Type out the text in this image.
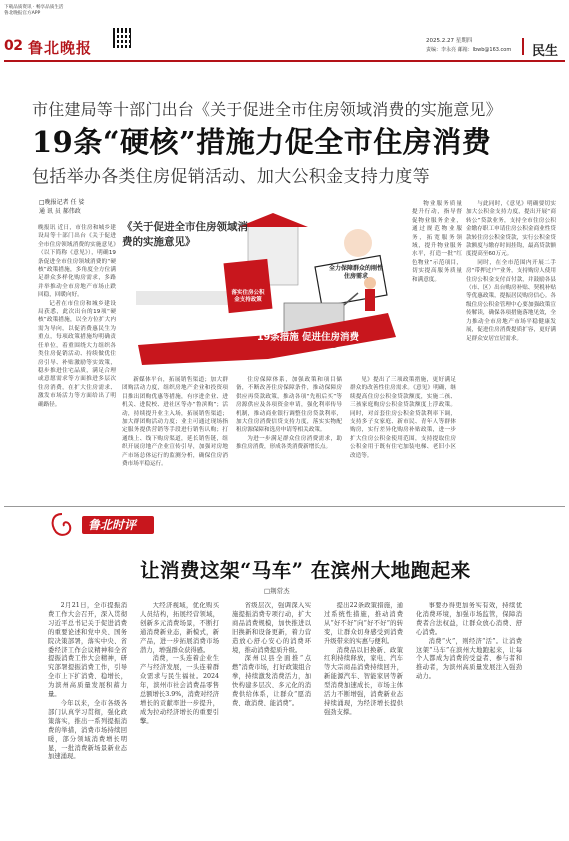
下载品质资讯 · 畅享品质生活
鲁北晚报官方APP
02 鲁北晚报	2025.2.27 星期四
责编：李永亮 邮箱：lbwb@163.com 民生
市住建局等十部门出台《关于促进全市住房领域消费的实施意见》
19条“硬核”措施力促全市住房消费
包括举办各类住房促销活动、加大公积金支持力度等
□晚报记者 任 娑
通 讯 员 郝伟政

晚报讯 近日，市住房和城乡建设局等十部门出台《关于促进全市住房领域消费的实施意见》（以下简称《意见》），明确19条促进全市住房领域消费的“硬核”政策措施，多角度全方位满足群众多样化购房需求，多路并举推动全市房地产市场止跌回稳，回暖向好。

记者在市住房和城乡建设局获悉，此次出台的19项“硬核”政策措施，以全方位扩大内需为导向，以促消费惠民生为重点，每项政策措施均明确责任单位，着重围绕大力组织各类住房促销活动、持续做优住房引导、补贴激励等实效策，稳步推进住宅品质，满足合理或意愿需求等方面推进多层次住房消费，在扩大住房需求、激发市场活力等方面给出了明确路径。

《关于促进全市住房领域消费的实施意见》
落实住房公积金支持政策
全力保障群众的刚性住房需求
19条措施 促进住房消费

物业服务质量提升行动，指导督促物业服务企业，通过规范物业服务，拓宽服务领域，提升物业服务水平，打造一批“红色物业”示范项目，切实提高服务质量和满意度。

与此同时，《意见》明确要切实加大公积金支持力度，提出开展“商转公”贷款业务，支持全市住房公积金缴存职工申请住房公积金商业性贷款转住房公积金贷款，实行公积金贷款额度与缴存时间挂钩，最高贷款额度提高至60万元。

同时，在全市范围内开展二手房“带押过户”业务，支持购房人使用住房公积金支付首付款，并鼓励各县（市、区）出台购房补贴、契税补贴等优惠政策，提振居民购房信心。各级住房公积金管理中心要加强政策宣传解读，确保各项措施落地见效，全力推动全市房地产市场平稳健康发展，促进住房消费提质扩容，更好满足群众安居宜居需求。

新媒体平台，拓展销售渠道；加大群团购活动力度，组织房地产企业和投资项目推出团购优惠等措施，有序进企业、进机关、进院校、进社区等办“鲁滨购”；活动，持续提升业主入场，拓展销售渠道；加大群团购活动力度；业主可通过现场指定服务提供营销等手段进行销售认购；打通线上、线下购房渠道，延长销售链，组织开展房地产企业宣传引导，加强对房地产市场总体运行的监测分析，确保住房消费市场平稳运行。

住房保障体系，加强政策和项目储备，不断改善住房保障条件，推动保障房供应再贷款政策，推动各项“先租后买”等房源供应及各项资金申请，强化利率传导机制，推动商业银行调整住房贷款利率，加大住房消费信贷支持力度，落实实物配租房源保障和选房申请等相关政策。

为进一步满足群众住房消费需求，助推住房消费，形成各类消费新增长点。

见》提出了三项政策措施，更好满足群众的改善性住房需求。《意见》明确，继续提高住房公积金贷款额度，实施二孩、三孩家庭购房公积金贷款额度上浮政策。同时，对首套住房公积金贷款利率下调，支持多子女家庭、新市民、青年人等群体购房，实行差异化购房补贴政策，进一步扩大住房公积金使用范围，支持提取住房公积金用于既有住宅加装电梯、老旧小区改造等。

鲁北时评
让消费这架“马车” 在滨州大地跑起来
□荆常杰

2月21日，全市提振消费工作大会召开，深入贯彻习近平总书记关于促进消费的重要论述和党中央、国务院决策部署，落实中央、省委经济工作会议精神和全省提振消费工作大会精神，研究部署提振消费工作，引导全市上下扩消费、稳增长，为滨州高质量发展积蓄力量。

今年以来，全市各级各部门认真学习贯彻，强化政策落实，推出一系列提振消费的举措，消费市场持续回暖，部分领域消费增长明显，一批消费新场景新业态加速涌现。

大经济视域，优化购买人员结构，拓展经营领域，创新多元消费场景，不断打通消费新业态，新模式，新产品，进一步拓展消费市场潜力，增强群众获得感。

消费，一头连着企业生产与经济发展，一头连着群众需求与民生福祉。2024年，滨州市社会消费品零售总额增长3.9%，消费对经济增长的贡献率进一步提升，成为拉动经济增长的重要引擎。

省级层次，强调深入实施提振消费专项行动，扩大商品消费规模，加快推进以旧换新和设备更新，着力营造放心舒心安心的消费环境，推动消费提质升级。

深州以县全面推“点燃”消费市场，打好政策组合拳，持续激发消费活力，加快构建多层次、多元化的消费供给体系，让群众“愿消费、敢消费、能消费”。

提出22条政策措施，通过系统性措施，推动消费从“好不好”向“好不好”的转变，让群众切身感受到消费升级带来的实惠与便利。

消费品以旧换新、政策红利持续释放，家电、汽车等大宗商品消费持续回升，新能源汽车、智能家居等新型消费加速成长，市场主体活力不断增强，消费新业态持续涌现，为经济增长提供强劲支撑。

事要办得更加务实有效，持续优化消费环境，加强市场监管，保障消费者合法权益，让群众放心消费、舒心消费。

消费“火”，则经济“活”。让消费这架“马车”在滨州大地跑起来，让每个人都成为消费的受益者、参与者和推动者，为滨州高质量发展注入强劲动力。
